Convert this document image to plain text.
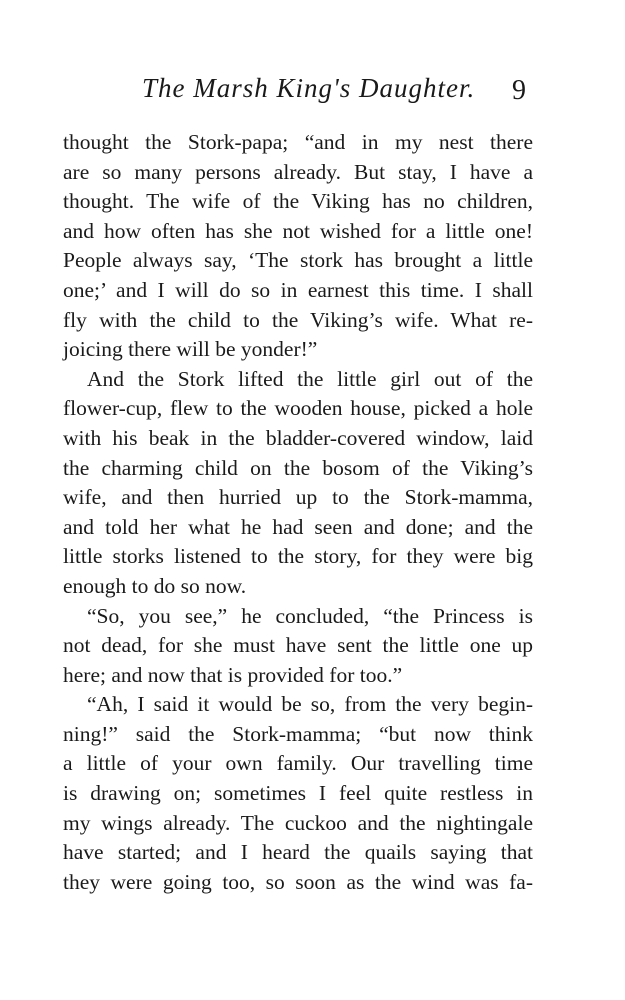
The Marsh King's Daughter. 9
thought the Stork-papa; “and in my nest there
are so many persons already. But stay, I have a
thought. The wife of the Viking has no children,
and how often has she not wished for a little one!
People always say, ‘The stork has brought a little
one;’ and I will do so in earnest this time. I shall
fly with the child to the Viking’s wife. What re-
joicing there will be yonder!”
And the Stork lifted the little girl out of the
flower-cup, flew to the wooden house, picked a hole
with his beak in the bladder-covered window, laid
the charming child on the bosom of the Viking’s
wife, and then hurried up to the Stork-mamma,
and told her what he had seen and done; and the
little storks listened to the story, for they were big
enough to do so now.
“So, you see,” he concluded, “the Princess is
not dead, for she must have sent the little one up
here; and now that is provided for too.”
“Ah, I said it would be so, from the very begin-
ning!” said the Stork-mamma; “but now think
a little of your own family. Our travelling time
is drawing on; sometimes I feel quite restless in
my wings already. The cuckoo and the nightingale
have started; and I heard the quails saying that
they were going too, so soon as the wind was fa-
